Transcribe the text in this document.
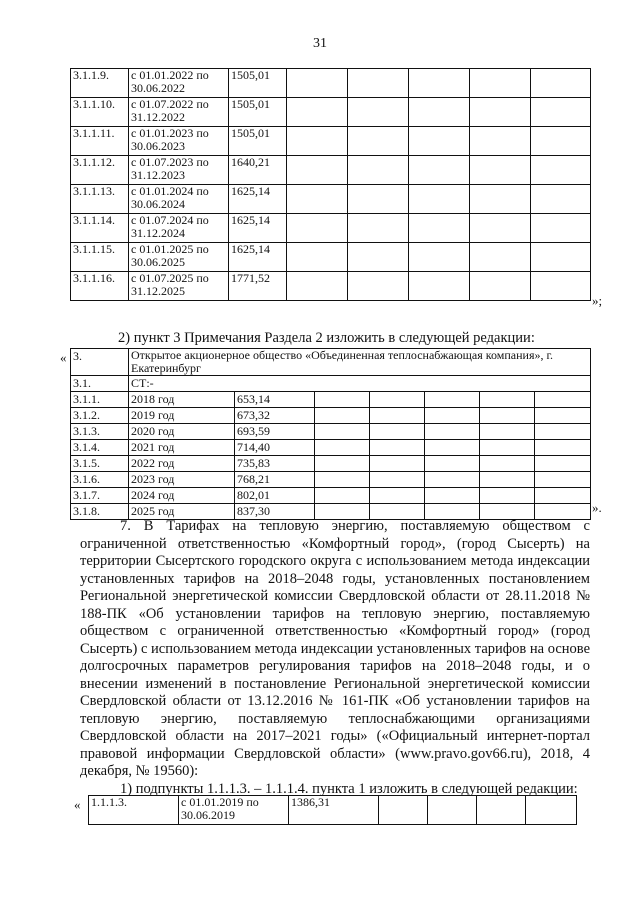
31
3.1.1.9.	с 01.01.2022 по 30.06.2022	1505,01					
3.1.1.10.	с 01.07.2022 по 31.12.2022	1505,01					
3.1.1.11.	с 01.01.2023 по 30.06.2023	1505,01					
3.1.1.12.	с 01.07.2023 по 31.12.2023	1640,21					
3.1.1.13.	с 01.01.2024 по 30.06.2024	1625,14					
3.1.1.14.	с 01.07.2024 по 31.12.2024	1625,14					
3.1.1.15.	с 01.01.2025 по 30.06.2025	1625,14					
3.1.1.16.	с 01.07.2025 по 31.12.2025	1771,52					
»;
2) пункт 3 Примечания Раздела 2 изложить в следующей редакции:
« 3.	Открытое акционерное общество «Объединенная теплоснабжающая компания», г. Екатеринбург						
3.1.	СТ:-						
3.1.1.	2018 год	653,14					
3.1.2.	2019 год	673,32					
3.1.3.	2020 год	693,59					
3.1.4.	2021 год	714,40					
3.1.5.	2022 год	735,83					
3.1.6.	2023 год	768,21					
3.1.7.	2024 год	802,01					
3.1.8.	2025 год	837,30						».

7. В Тарифах на тепловую энергию, поставляемую обществом с ограниченной ответственностью «Комфортный город», (город Сысерть) на территории Сысертского городского округа с использованием метода индексации установленных тарифов на 2018–2048 годы, установленных постановлением Региональной энергетической комиссии Свердловской области от 28.11.2018 № 188-ПК «Об установлении тарифов на тепловую энергию, поставляемую обществом с ограниченной ответственностью «Комфортный город» (город Сысерть) с использованием метода индексации установленных тарифов на основе долгосрочных параметров регулирования тарифов на 2018–2048 годы, и о внесении изменений в постановление Региональной энергетической комиссии Свердловской области от 13.12.2016 № 161-ПК «Об установлении тарифов на тепловую энергию, поставляемую теплоснабжающими организациями Свердловской области на 2017–2021 годы» («Официальный интернет-портал правовой информации Свердловской области» (www.pravo.gov66.ru), 2018, 4 декабря, № 19560):

1) подпункты 1.1.1.3. – 1.1.1.4. пункта 1 изложить в следующей редакции:

« 1.1.1.3.	с 01.01.2019 по 30.06.2019	1386,31				
